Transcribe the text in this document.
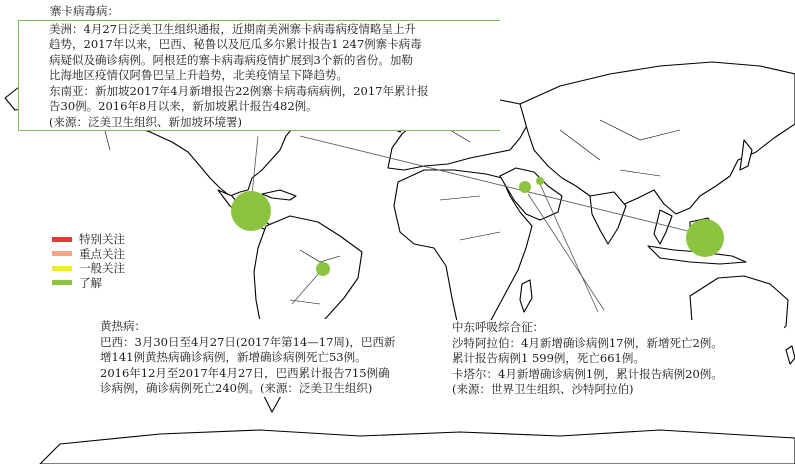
寨卡病毒病：
美洲：4月27日泛美卫生组织通报，近期南美洲寨卡病毒病疫情略呈上升
趋势，2017年以来，巴西、秘鲁以及厄瓜多尔累计报告1 247例寨卡病毒
病疑似及确诊病例。阿根廷的寨卡病毒病疫情扩展到3个新的省份。加勒
比海地区疫情仅阿鲁巴呈上升趋势，北美疫情呈下降趋势。
东南亚：新加坡2017年4月新增报告22例寨卡病毒病病例，2017年累计报
告30例。2016年8月以来，新加坡累计报告482例。
(来源：泛美卫生组织、新加坡环境署)
特别关注
重点关注
一般关注
了解
黄热病：
巴西：3月30日至4月27日(2017年第14—17周)，巴西新
增141例黄热病确诊病例，新增确诊病例死亡53例。
2016年12月至2017年4月27日，巴西累计报告715例确
诊病例，确诊病例死亡240例。(来源：泛美卫生组织)
中东呼吸综合征：
沙特阿拉伯：4月新增确诊病例17例，新增死亡2例。
累计报告病例1 599例，死亡661例。
卡塔尔：4月新增确诊病例1例，累计报告病例20例。
(来源：世界卫生组织、沙特阿拉伯)
